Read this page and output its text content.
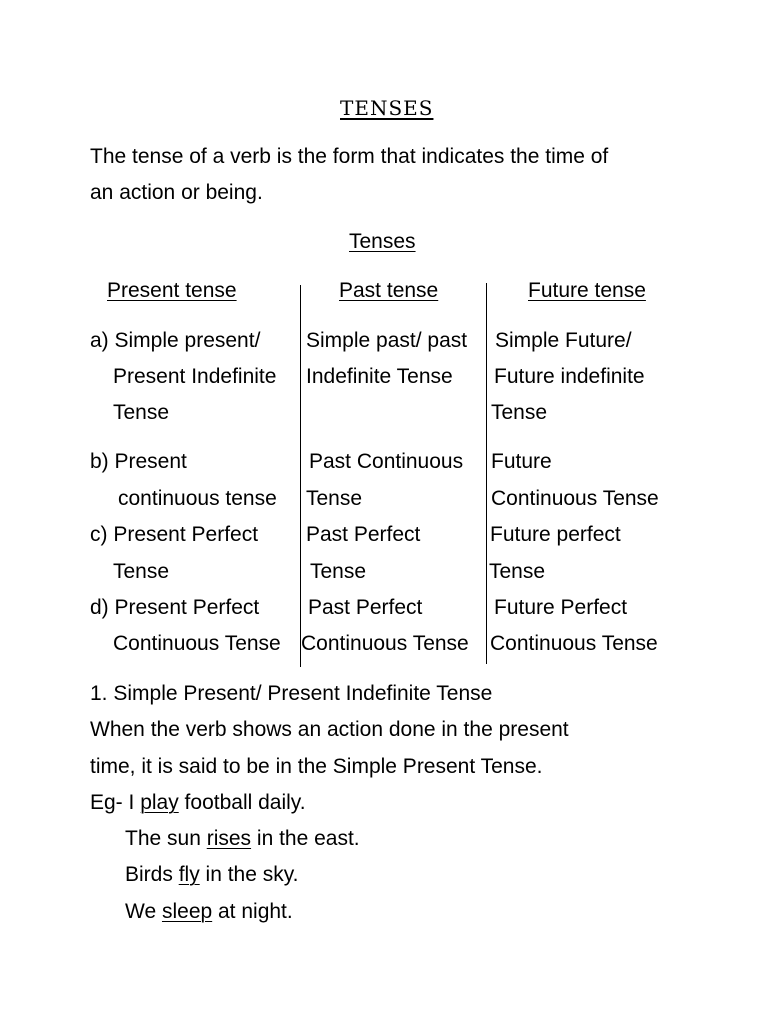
TENSES
The tense of a verb is the form that indicates the time of
an action or being.
Tenses
Present tense	Past tense	Future tense
a) Simple present/
Present Indefinite
Tense
b) Present
continuous tense
c) Present Perfect
Tense
d) Present Perfect
Continuous Tense
Simple past/ past
Indefinite Tense
Past Continuous
Tense
Past Perfect
Tense
Past Perfect
Continuous Tense
Simple Future/
Future indefinite
Tense
Future
Continuous Tense
Future perfect
Tense
Future Perfect
Continuous Tense
1. Simple Present/ Present Indefinite Tense
When the verb shows an action done in the present
time, it is said to be in the Simple Present Tense.
Eg- I play football daily.
The sun rises in the east.
Birds fly in the sky.
We sleep at night.
